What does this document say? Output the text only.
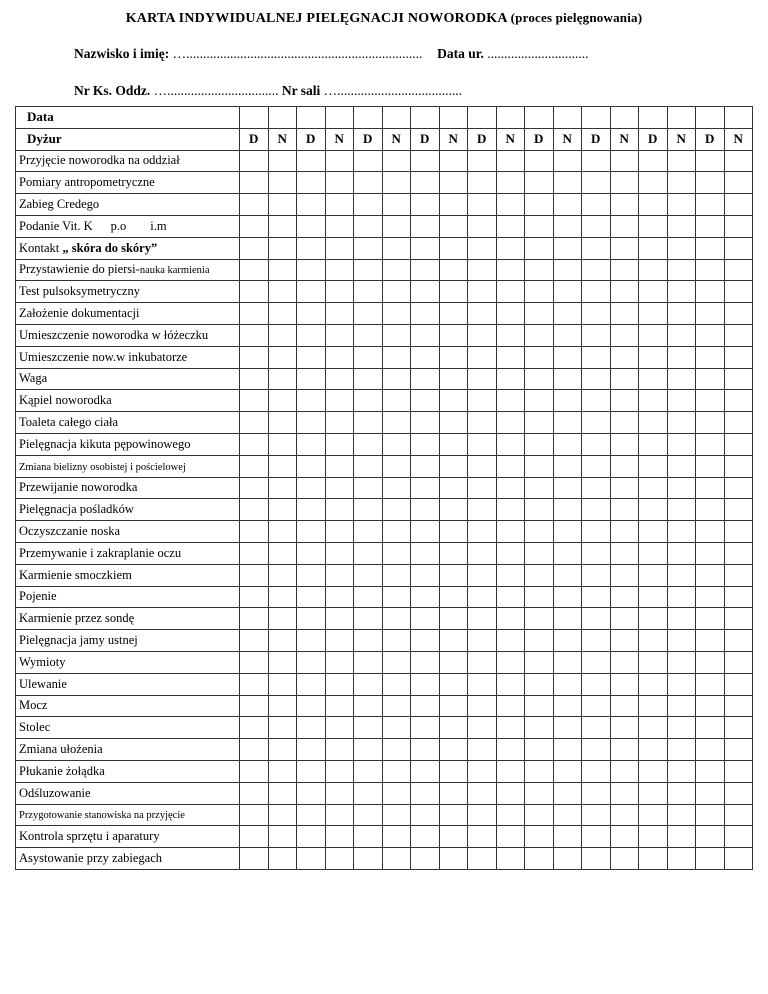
KARTA INDYWIDUALNEJ PIELĘGNACJI NOWORODKA (proces pielęgnowania)
Nazwisko i imię: …...................................................................... Data ur. ..............................
Nr Ks. Oddz. …................................. Nr sali ….....................................
Data																		
Dyżur	D	N	D	N	D	N	D	N	D	N	D	N	D	N	D	N	D	N
Przyjęcie noworodka na oddział																		
Pomiary antropometryczne																		
Zabieg Credego																		
Podanie Vit. K p.o i.m																		
Kontakt „ skóra do skóry”																		
Przystawienie do piersi-nauka karmienia																		
Test pulsoksymetryczny																		
Założenie dokumentacji																		
Umieszczenie noworodka w łóżeczku																		
Umieszczenie now.w inkubatorze																		
Waga																		
Kąpiel noworodka																		
Toaleta całego ciała																		
Pielęgnacja kikuta pępowinowego																		
Zmiana bielizny osobistej i pościelowej																		
Przewijanie noworodka																		
Pielęgnacja pośladków																		
Oczyszczanie noska																		
Przemywanie i zakraplanie oczu																		
Karmienie smoczkiem																		
Pojenie																		
Karmienie przez sondę																		
Pielęgnacja jamy ustnej																		
Wymioty																		
Ulewanie																		
Mocz																		
Stolec																		
Zmiana ułożenia																		
Płukanie żołądka																		
Odśluzowanie																		
Przygotowanie stanowiska na przyjęcie																		
Kontrola sprzętu i aparatury																		
Asystowanie przy zabiegach																		
